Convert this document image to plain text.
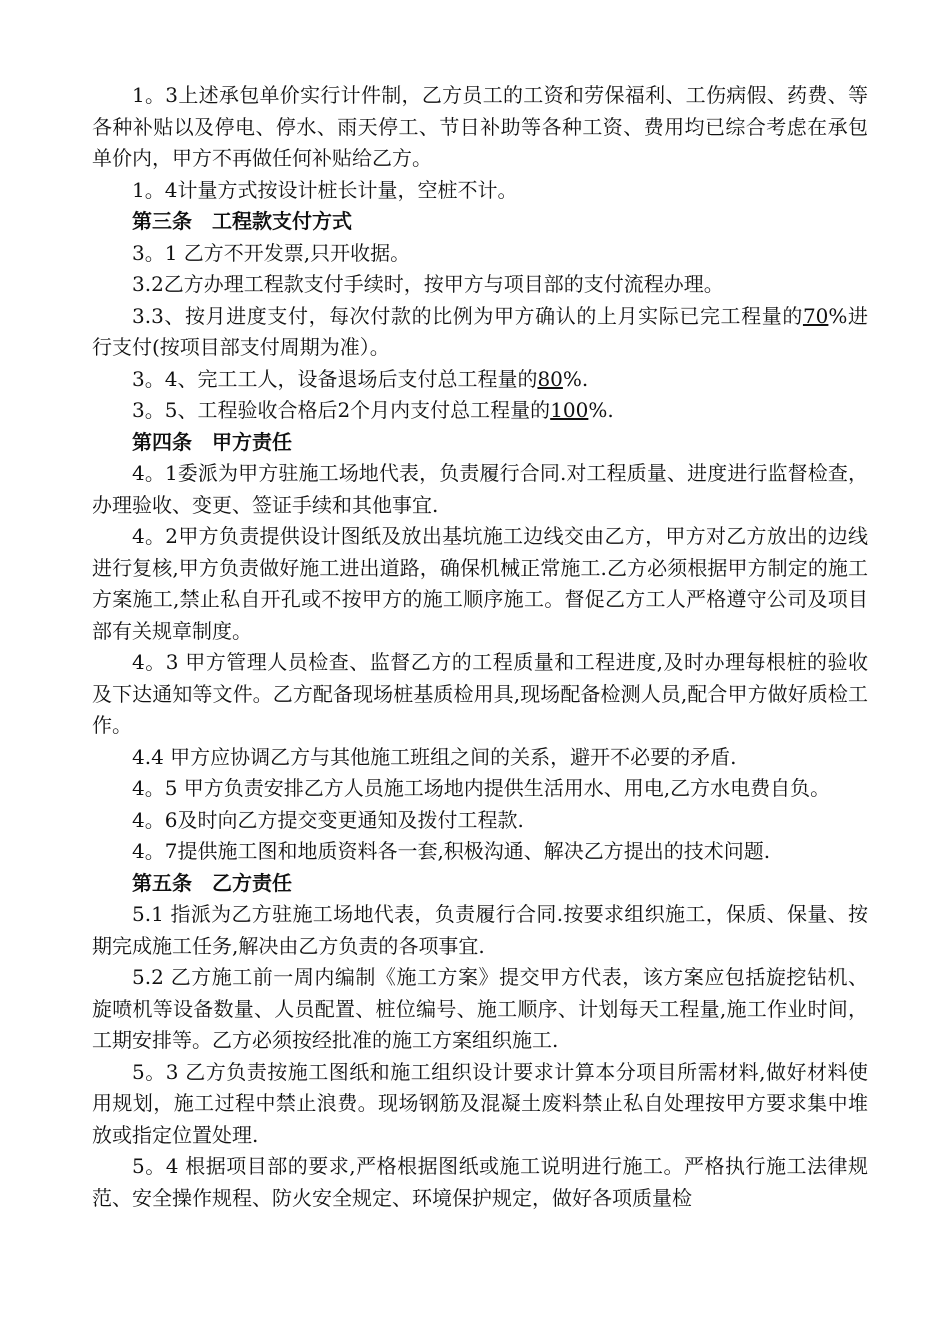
1。3上述承包单价实行计件制，乙方员工的工资和劳保福利、工伤病假、药费、等各种补贴以及停电、停水、雨天停工、节日补助等各种工资、费用均已综合考虑在承包单价内，甲方不再做任何补贴给乙方。

1。4计量方式按设计桩长计量，空桩不计。

第三条　工程款支付方式

3。1 乙方不开发票,只开收据。

3.2乙方办理工程款支付手续时，按甲方与项目部的支付流程办理。

3.3、按月进度支付，每次付款的比例为甲方确认的上月实际已完工程量的70%进行支付(按项目部支付周期为准）。

3。4、完工工人，设备退场后支付总工程量的80%.

3。5、工程验收合格后2个月内支付总工程量的100%.

第四条　甲方责任

4。1委派为甲方驻施工场地代表，负责履行合同.对工程质量、进度进行监督检查，办理验收、变更、签证手续和其他事宜.

4。2甲方负责提供设计图纸及放出基坑施工边线交由乙方，甲方对乙方放出的边线进行复核,甲方负责做好施工进出道路，确保机械正常施工.乙方必须根据甲方制定的施工方案施工,禁止私自开孔或不按甲方的施工顺序施工。督促乙方工人严格遵守公司及项目部有关规章制度。

4。3 甲方管理人员检查、监督乙方的工程质量和工程进度,及时办理每根桩的验收及下达通知等文件。乙方配备现场桩基质检用具,现场配备检测人员,配合甲方做好质检工作。

4.4 甲方应协调乙方与其他施工班组之间的关系，避开不必要的矛盾.

4。5 甲方负责安排乙方人员施工场地内提供生活用水、用电,乙方水电费自负。

4。6及时向乙方提交变更通知及拨付工程款.

4。7提供施工图和地质资料各一套,积极沟通、解决乙方提出的技术问题.

第五条　乙方责任

5.1 指派为乙方驻施工场地代表，负责履行合同.按要求组织施工，保质、保量、按期完成施工任务,解决由乙方负责的各项事宜.

5.2 乙方施工前一周内编制《施工方案》提交甲方代表，该方案应包括旋挖钻机、旋喷机等设备数量、人员配置、桩位编号、施工顺序、计划每天工程量,施工作业时间，工期安排等。乙方必须按经批准的施工方案组织施工.

5。3 乙方负责按施工图纸和施工组织设计要求计算本分项目所需材料,做好材料使用规划，施工过程中禁止浪费。现场钢筋及混凝土废料禁止私自处理按甲方要求集中堆放或指定位置处理.

5。4 根据项目部的要求,严格根据图纸或施工说明进行施工。严格执行施工法律规范、安全操作规程、防火安全规定、环境保护规定，做好各项质量检
